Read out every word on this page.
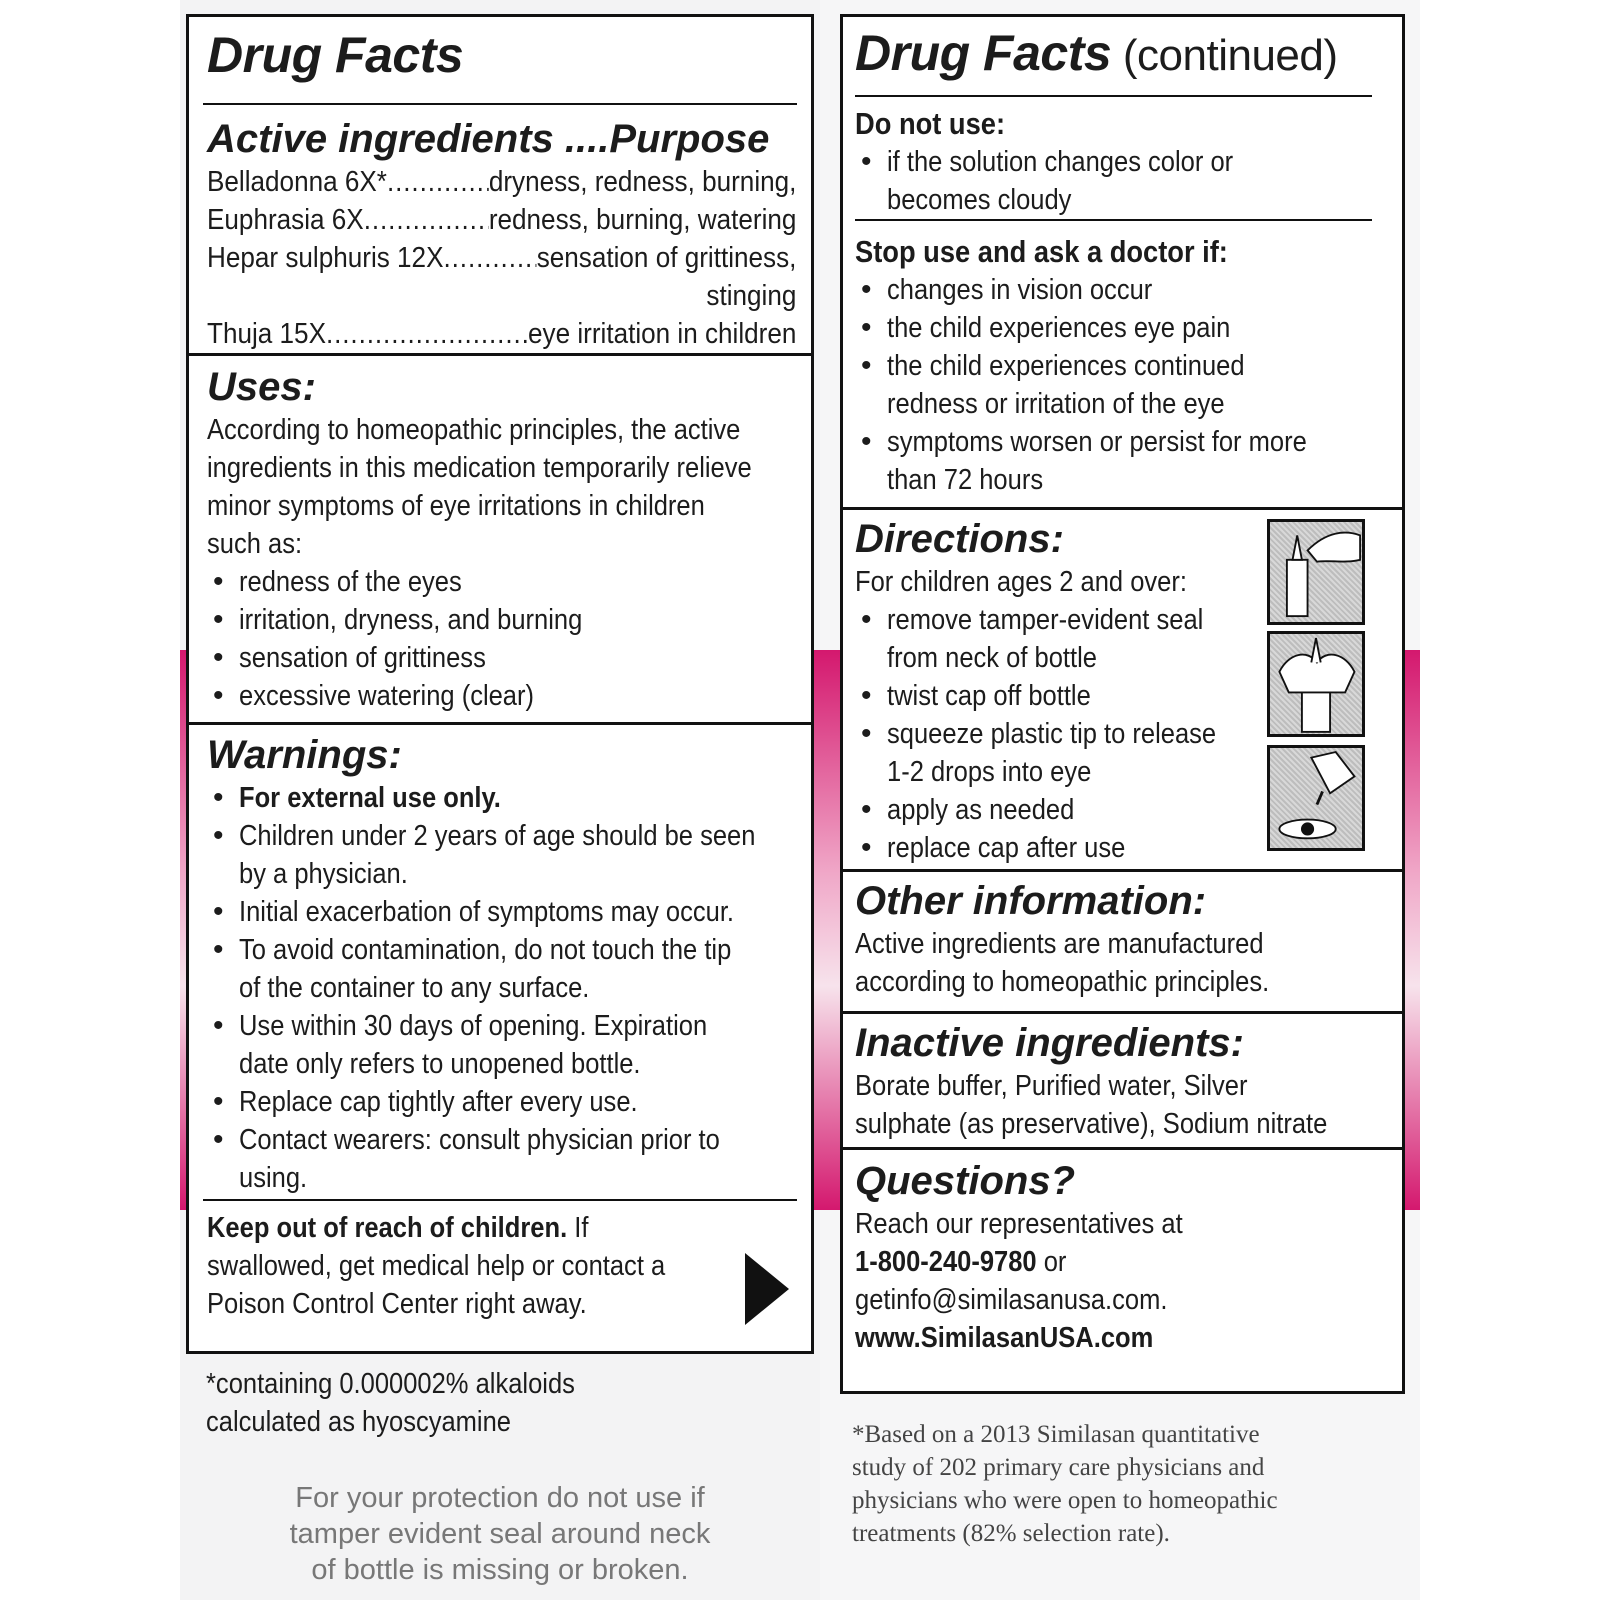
Drug Facts
Active ingredients ....Purpose
Belladonna 6X* .....	dryness, redness, burning,
Euphrasia 6X .....	redness, burning, watering
Hepar sulphuris 12X .....	sensation of grittiness,
stinging
Thuja 15X .....	eye irritation in children
Uses:
According to homeopathic principles, the active
ingredients in this medication temporarily relieve
minor symptoms of eye irritations in children
such as:
• redness of the eyes
• irritation, dryness, and burning
• sensation of grittiness
• excessive watering (clear)
Warnings:
• For external use only.
• Children under 2 years of age should be seen
by a physician.
• Initial exacerbation of symptoms may occur.
• To avoid contamination, do not touch the tip
of the container to any surface.
• Use within 30 days of opening. Expiration
date only refers to unopened bottle.
• Replace cap tightly after every use.
• Contact wearers: consult physician prior to
using.
Keep out of reach of children. If
swallowed, get medical help or contact a
Poison Control Center right away.
*containing 0.000002% alkaloids
calculated as hyoscyamine
For your protection do not use if
tamper evident seal around neck
of bottle is missing or broken.
Drug Facts (continued)
Do not use:
• if the solution changes color or
becomes cloudy
Stop use and ask a doctor if:
• changes in vision occur
• the child experiences eye pain
• the child experiences continued
redness or irritation of the eye
• symptoms worsen or persist for more
than 72 hours
Directions:
For children ages 2 and over:
• remove tamper-evident seal
from neck of bottle
• twist cap off bottle
• squeeze plastic tip to release
1-2 drops into eye
• apply as needed
• replace cap after use
Other information:
Active ingredients are manufactured
according to homeopathic principles.
Inactive ingredients:
Borate buffer, Purified water, Silver
sulphate (as preservative), Sodium nitrate
Questions?
Reach our representatives at
1-800-240-9780 or
getinfo@similasanusa.com.
www.SimilasanUSA.com
*Based on a 2013 Similasan quantitative
study of 202 primary care physicians and
physicians who were open to homeopathic
treatments (82% selection rate).
